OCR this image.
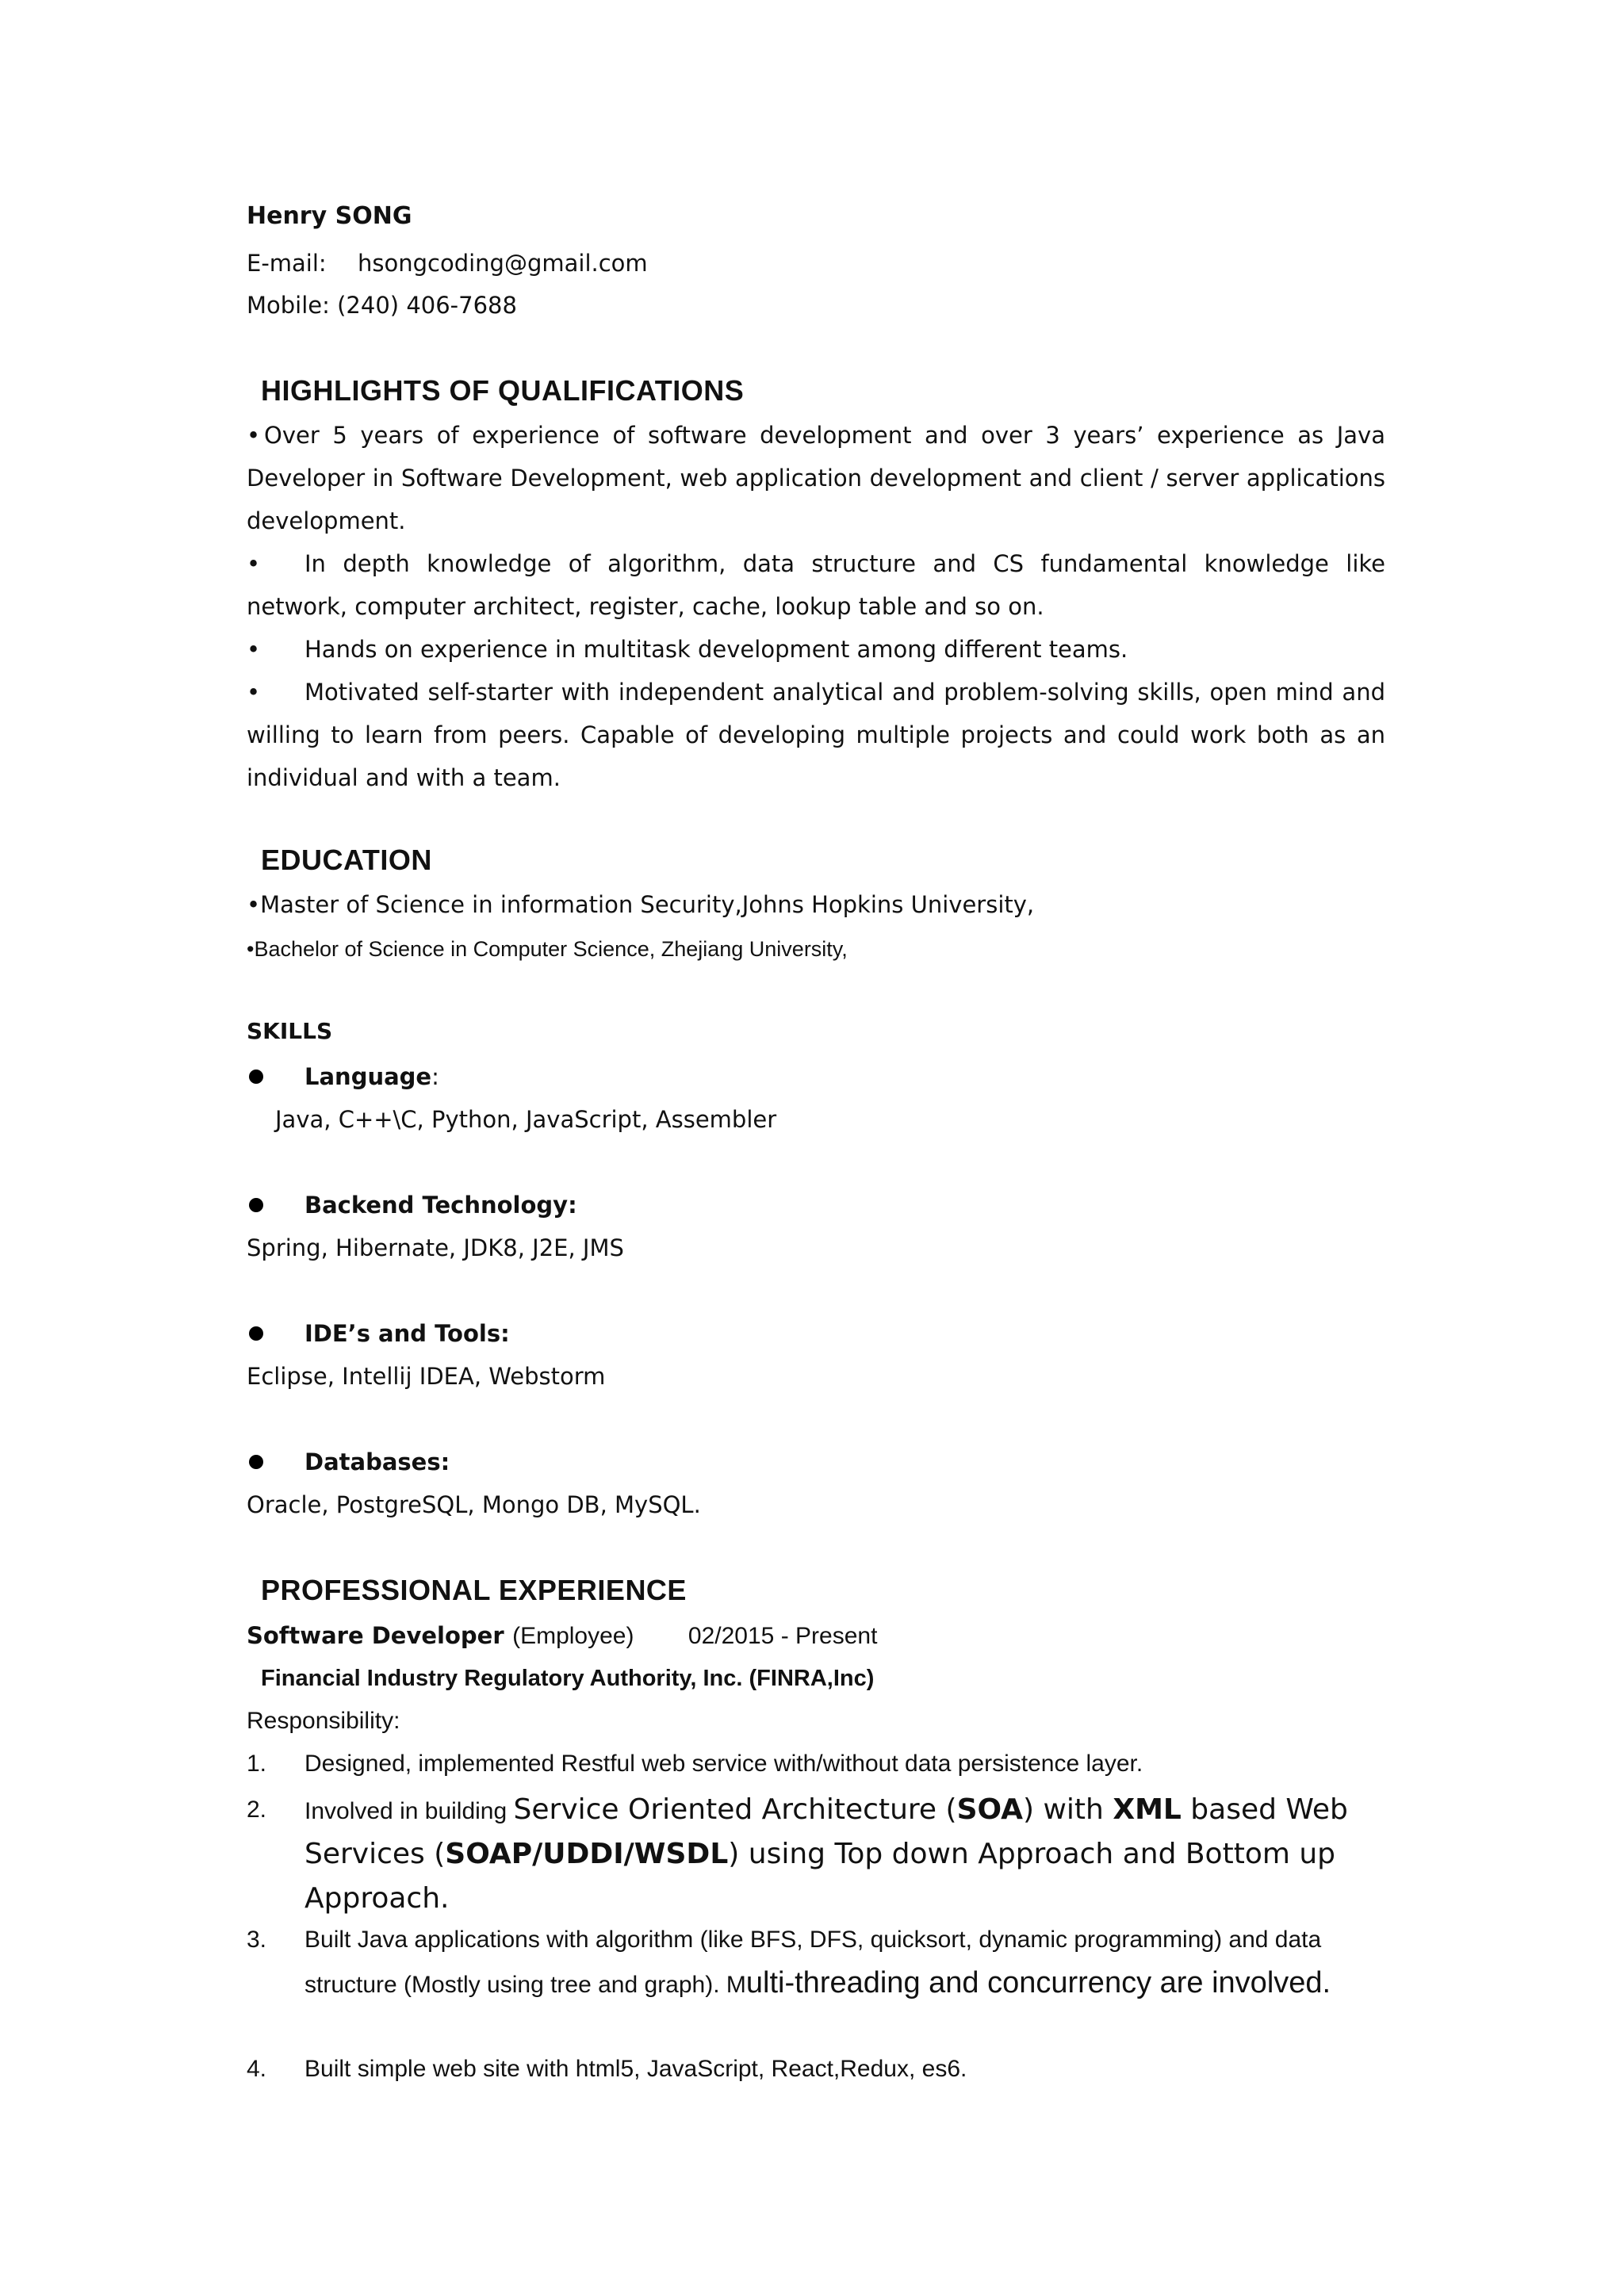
Henry SONG
E-mail: hsongcoding@gmail.com
Mobile: (240) 406-7688
HIGHLIGHTS OF QUALIFICATIONS
• Over 5 years of experience of software development and over 3 years’ experience as Java Developer in Software Development, web application development and client / server applications development.
• In depth knowledge of algorithm, data structure and CS fundamental knowledge like network, computer architect, register, cache, lookup table and so on.
• Hands on experience in multitask development among different teams.
• Motivated self-starter with independent analytical and problem-solving skills, open mind and willing to learn from peers. Capable of developing multiple projects and could work both as an individual and with a team.
EDUCATION
•Master of Science in information Security,Johns Hopkins University,
•Bachelor of Science in Computer Science, Zhejiang University,
SKILLS
Language:
Java, C++\C, Python, JavaScript, Assembler
Backend Technology:
Spring, Hibernate, JDK8, J2E, JMS
IDE’s and Tools:
Eclipse, Intellij IDEA, Webstorm
Databases:
Oracle, PostgreSQL, Mongo DB, MySQL.
PROFESSIONAL EXPERIENCE
Software Developer (Employee) 02/2015 - Present
Financial Industry Regulatory Authority, Inc. (FINRA,Inc)
Responsibility:
1. Designed, implemented Restful web service with/without data persistence layer.
2. Involved in building Service Oriented Architecture (SOA) with XML based Web Services (SOAP/UDDI/WSDL) using Top down Approach and Bottom up Approach.
3. Built Java applications with algorithm (like BFS, DFS, quicksort, dynamic programming) and data structure (Mostly using tree and graph). Multi-threading and concurrency are involved.
4. Built simple web site with html5, JavaScript, React,Redux, es6.
